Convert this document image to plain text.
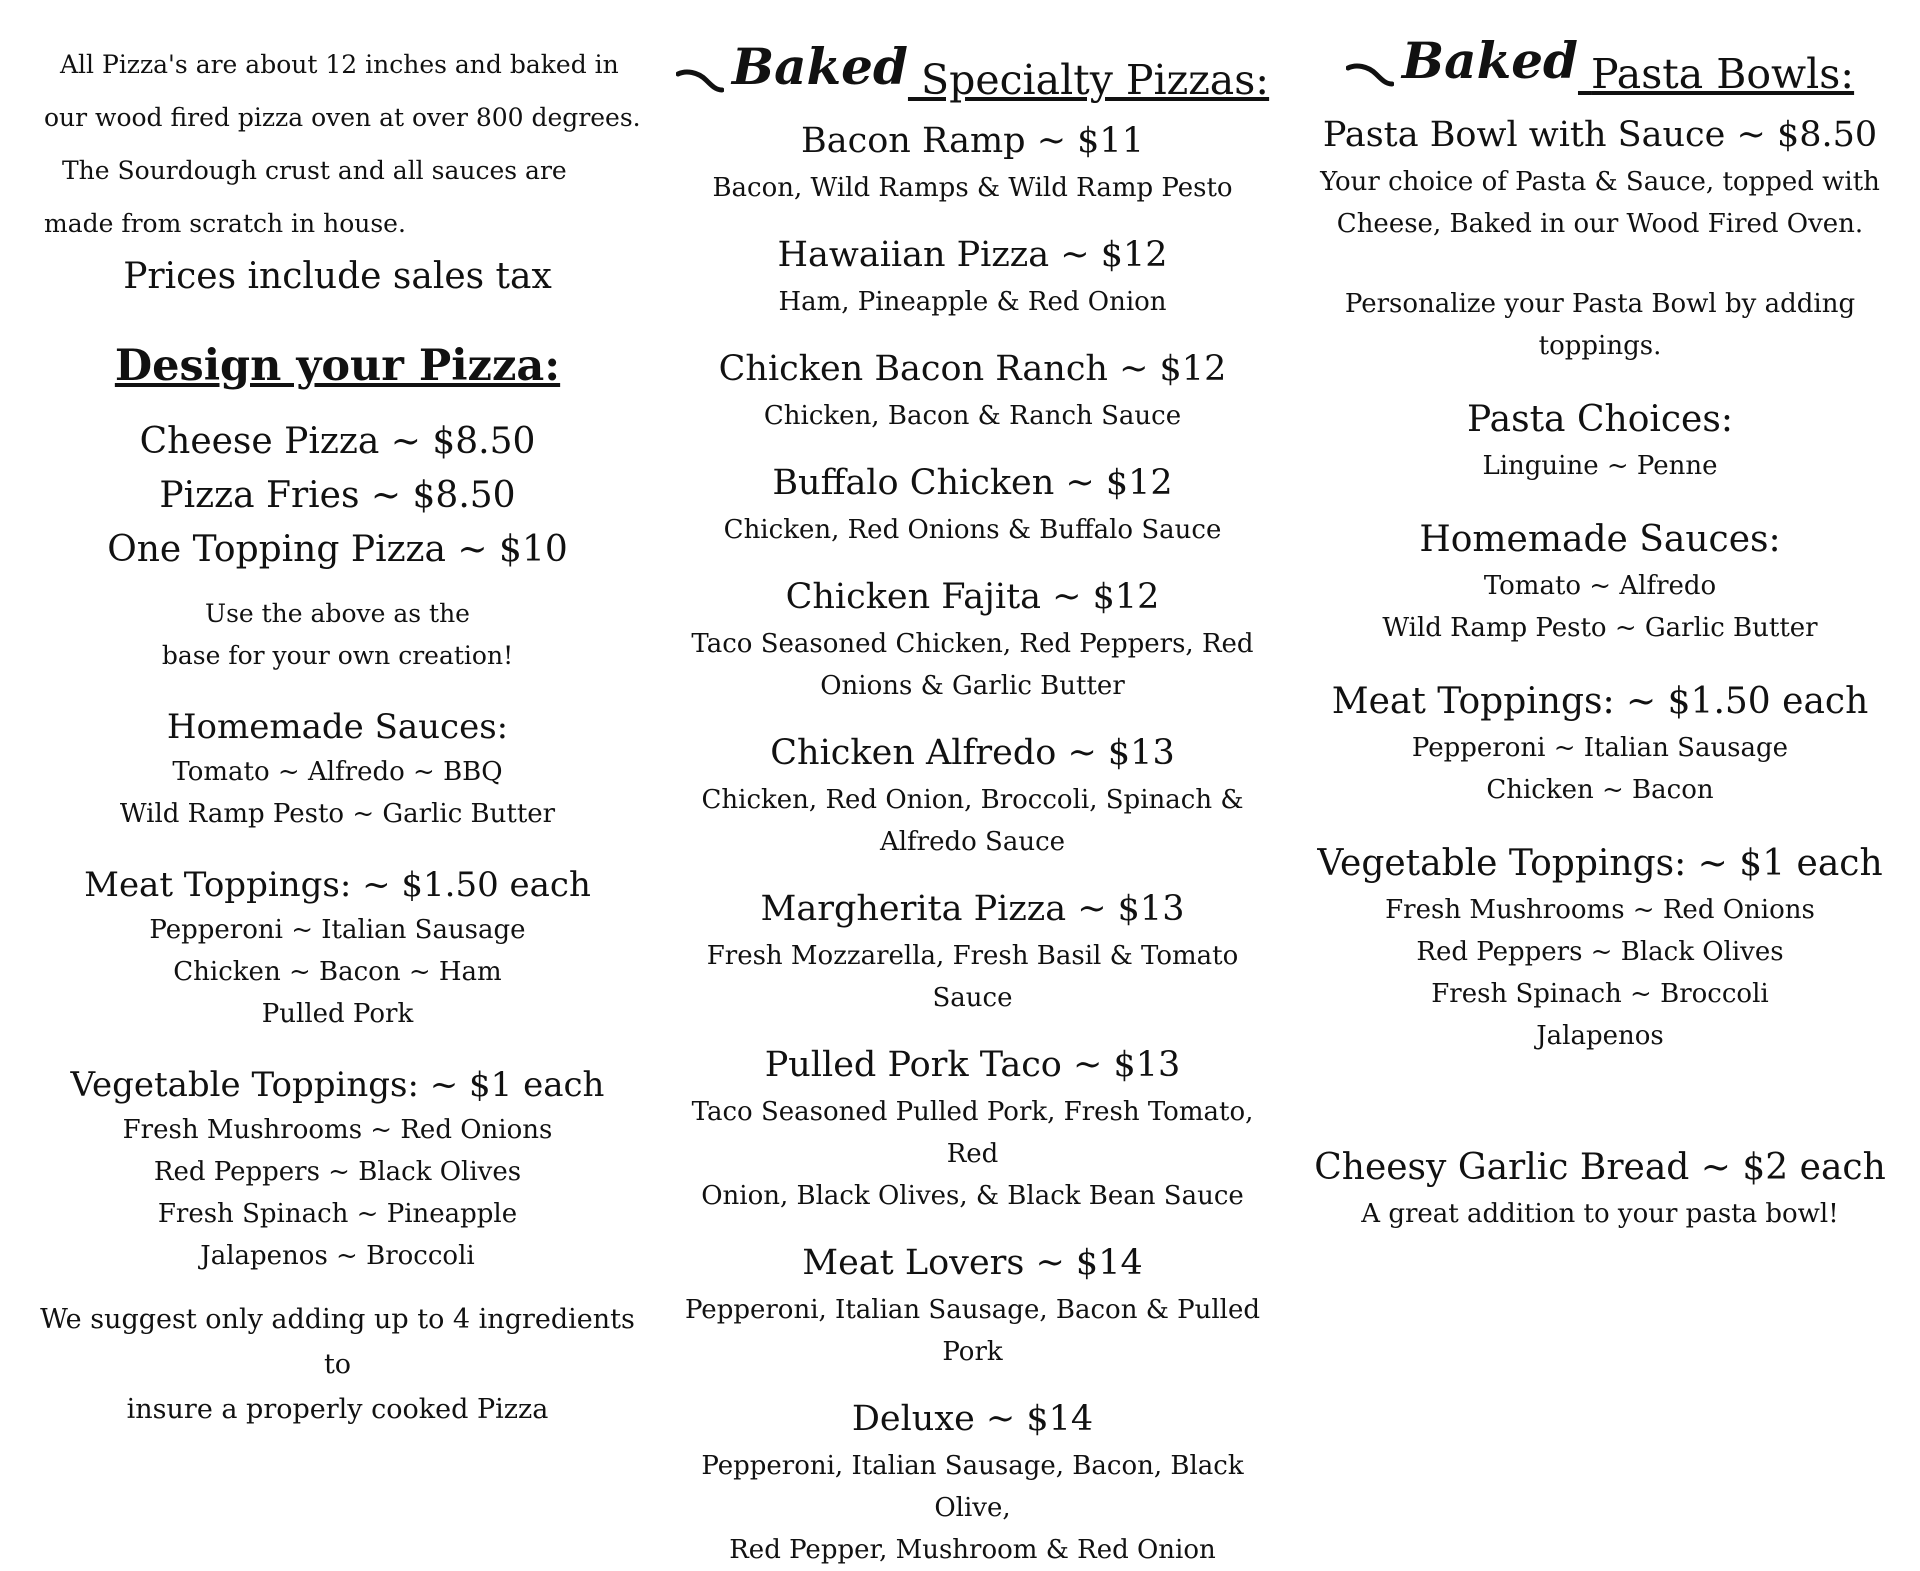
All Pizza's are about 12 inches and baked in
our wood fired pizza oven at over 800 degrees.
The Sourdough crust and all sauces are
made from scratch in house.
Prices include sales tax
Design your Pizza:
Cheese Pizza ~ $8.50
Pizza Fries ~ $8.50
One Topping Pizza ~ $10
Use the above as the
base for your own creation!
Homemade Sauces:
Tomato ~ Alfredo ~ BBQ
Wild Ramp Pesto ~ Garlic Butter
Meat Toppings: ~ $1.50 each
Pepperoni ~ Italian Sausage
Chicken ~ Bacon ~ Ham
Pulled Pork
Vegetable Toppings: ~ $1 each
Fresh Mushrooms ~ Red Onions
Red Peppers ~ Black Olives
Fresh Spinach ~ Pineapple
Jalapenos ~ Broccoli
We suggest only adding up to 4 ingredients to
insure a properly cooked Pizza
Baked Specialty Pizzas:
Bacon Ramp ~ $11
Bacon, Wild Ramps & Wild Ramp Pesto
Hawaiian Pizza ~ $12
Ham, Pineapple & Red Onion
Chicken Bacon Ranch ~ $12
Chicken, Bacon & Ranch Sauce
Buffalo Chicken ~ $12
Chicken, Red Onions & Buffalo Sauce
Chicken Fajita ~ $12
Taco Seasoned Chicken, Red Peppers, Red
Onions & Garlic Butter
Chicken Alfredo ~ $13
Chicken, Red Onion, Broccoli, Spinach &
Alfredo Sauce
Margherita Pizza ~ $13
Fresh Mozzarella, Fresh Basil & Tomato Sauce
Pulled Pork Taco ~ $13
Taco Seasoned Pulled Pork, Fresh Tomato, Red
Onion, Black Olives, & Black Bean Sauce
Meat Lovers ~ $14
Pepperoni, Italian Sausage, Bacon & Pulled Pork
Deluxe ~ $14
Pepperoni, Italian Sausage, Bacon, Black Olive,
Red Pepper, Mushroom & Red Onion
Baked Pasta Bowls:
Pasta Bowl with Sauce ~ $8.50
Your choice of Pasta & Sauce, topped with
Cheese, Baked in our Wood Fired Oven.
Personalize your Pasta Bowl by adding toppings.
Pasta Choices:
Linguine ~ Penne
Homemade Sauces:
Tomato ~ Alfredo
Wild Ramp Pesto ~ Garlic Butter
Meat Toppings: ~ $1.50 each
Pepperoni ~ Italian Sausage
Chicken ~ Bacon
Vegetable Toppings: ~ $1 each
Fresh Mushrooms ~ Red Onions
Red Peppers ~ Black Olives
Fresh Spinach ~ Broccoli
Jalapenos
Cheesy Garlic Bread ~ $2 each
A great addition to your pasta bowl!
